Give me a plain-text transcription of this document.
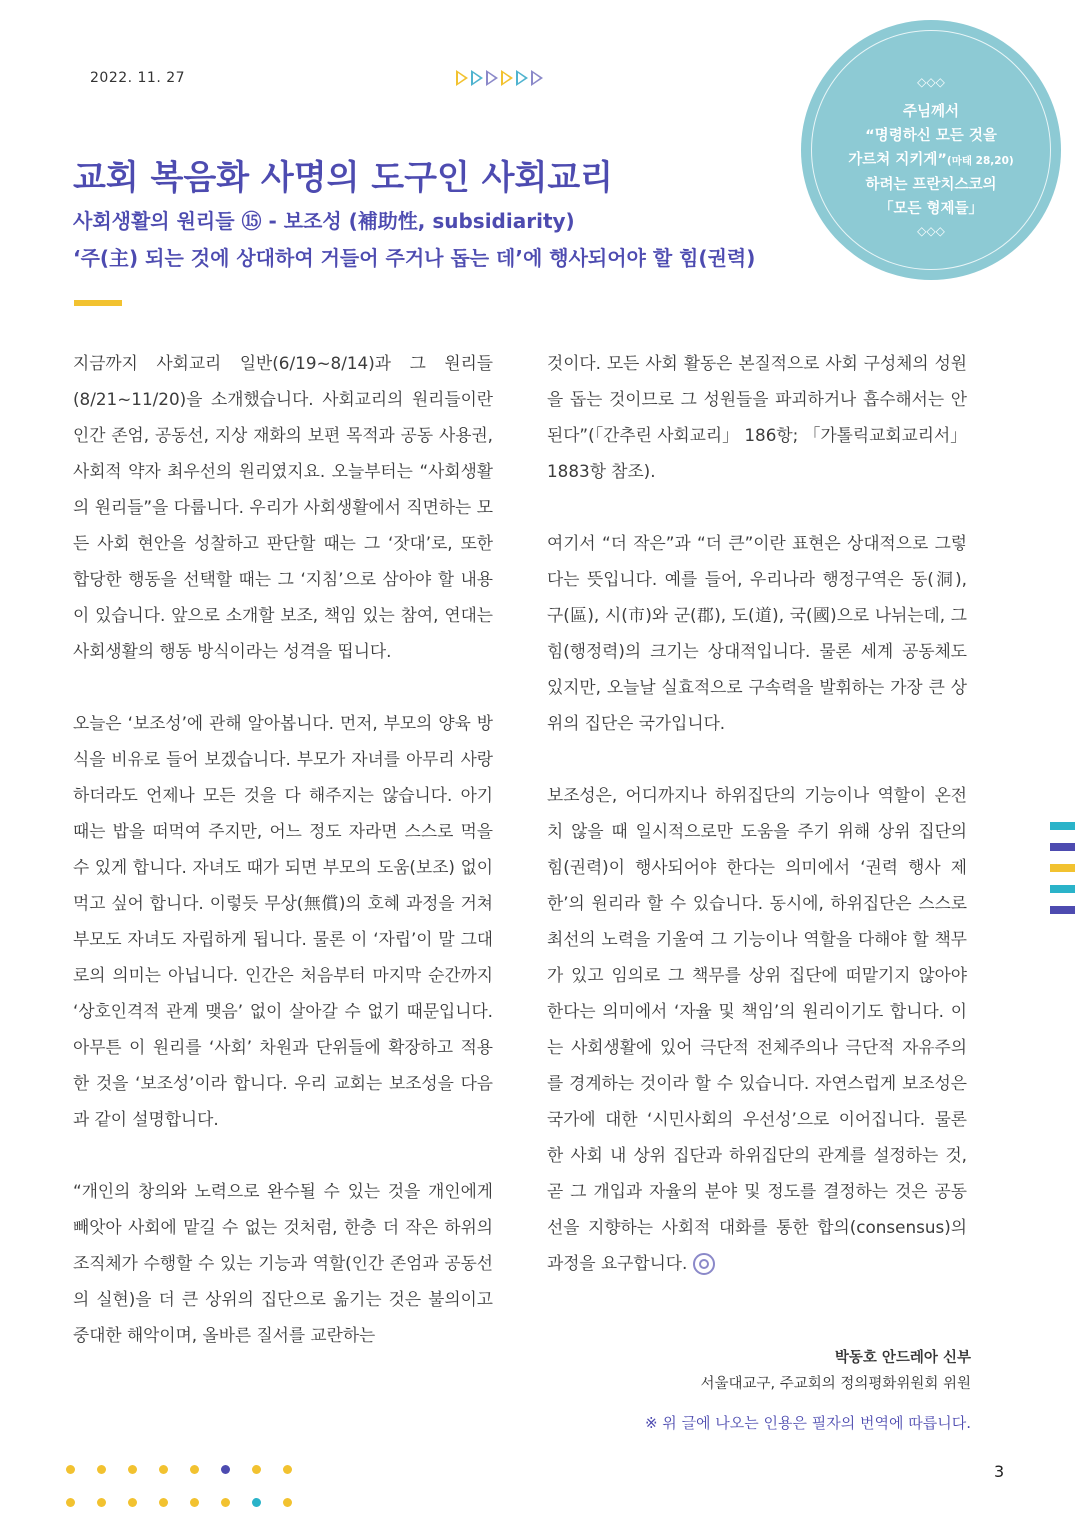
2022. 11. 27	◇◇◇
주님께서
“명령하신 모든 것을
가르쳐 지키게”(마태 28,20)
하려는 프란치스코의
「모든 형제들」
◇◇◇
교회 복음화 사명의 도구인 사회교리
사회생활의 원리들 ⑮ - 보조성 (補助性, subsidiarity)
‘주(主) 되는 것에 상대하여 거들어 주거나 돕는 데’에 행사되어야 할 힘(권력)

지금까지 사회교리 일반(6/19~8/14)과 그 원리들(8/21~11/20)을 소개했습니다. 사회교리의 원리들이란 인간 존엄, 공동선, 지상 재화의 보편 목적과 공동 사용권, 사회적 약자 최우선의 원리였지요. 오늘부터는 “사회생활의 원리들”을 다룹니다. 우리가 사회생활에서 직면하는 모든 사회 현안을 성찰하고 판단할 때는 그 ‘잣대’로, 또한 합당한 행동을 선택할 때는 그 ‘지침’으로 삼아야 할 내용이 있습니다. 앞으로 소개할 보조, 책임 있는 참여, 연대는 사회생활의 행동 방식이라는 성격을 띱니다.

오늘은 ‘보조성’에 관해 알아봅니다. 먼저, 부모의 양육 방식을 비유로 들어 보겠습니다. 부모가 자녀를 아무리 사랑하더라도 언제나 모든 것을 다 해주지는 않습니다. 아기 때는 밥을 떠먹여 주지만, 어느 정도 자라면 스스로 먹을 수 있게 합니다. 자녀도 때가 되면 부모의 도움(보조) 없이 먹고 싶어 합니다. 이렇듯 무상(無償)의 호혜 과정을 거쳐 부모도 자녀도 자립하게 됩니다. 물론 이 ‘자립’이 말 그대로의 의미는 아닙니다. 인간은 처음부터 마지막 순간까지 ‘상호인격적 관계 맺음’ 없이 살아갈 수 없기 때문입니다. 아무튼 이 원리를 ‘사회’ 차원과 단위들에 확장하고 적용한 것을 ‘보조성’이라 합니다. 우리 교회는 보조성을 다음과 같이 설명합니다.

“개인의 창의와 노력으로 완수될 수 있는 것을 개인에게 빼앗아 사회에 맡길 수 없는 것처럼, 한층 더 작은 하위의 조직체가 수행할 수 있는 기능과 역할(인간 존엄과 공동선의 실현)을 더 큰 상위의 집단으로 옮기는 것은 불의이고 중대한 해악이며, 올바른 질서를 교란하는

것이다. 모든 사회 활동은 본질적으로 사회 구성체의 성원을 돕는 것이므로 그 성원들을 파괴하거나 흡수해서는 안 된다”(「간추린 사회교리」 186항; 「가톨릭교회교리서」 1883항 참조).

여기서 “더 작은”과 “더 큰”이란 표현은 상대적으로 그렇다는 뜻입니다. 예를 들어, 우리나라 행정구역은 동(洞), 구(區), 시(市)와 군(郡), 도(道), 국(國)으로 나뉘는데, 그 힘(행정력)의 크기는 상대적입니다. 물론 세계 공동체도 있지만, 오늘날 실효적으로 구속력을 발휘하는 가장 큰 상위의 집단은 국가입니다.

보조성은, 어디까지나 하위집단의 기능이나 역할이 온전치 않을 때 일시적으로만 도움을 주기 위해 상위 집단의 힘(권력)이 행사되어야 한다는 의미에서 ‘권력 행사 제한’의 원리라 할 수 있습니다. 동시에, 하위집단은 스스로 최선의 노력을 기울여 그 기능이나 역할을 다해야 할 책무가 있고 임의로 그 책무를 상위 집단에 떠맡기지 않아야 한다는 의미에서 ‘자율 및 책임’의 원리이기도 합니다. 이는 사회생활에 있어 극단적 전체주의나 극단적 자유주의를 경계하는 것이라 할 수 있습니다. 자연스럽게 보조성은 국가에 대한 ‘시민사회의 우선성’으로 이어집니다. 물론 한 사회 내 상위 집단과 하위집단의 관계를 설정하는 것, 곧 그 개입과 자율의 분야 및 정도를 결정하는 것은 공동선을 지향하는 사회적 대화를 통한 합의(consensus)의 과정을 요구합니다.

박동호 안드레아 신부
서울대교구, 주교회의 정의평화위원회 위원
※ 위 글에 나오는 인용은 필자의 번역에 따릅니다.
3
